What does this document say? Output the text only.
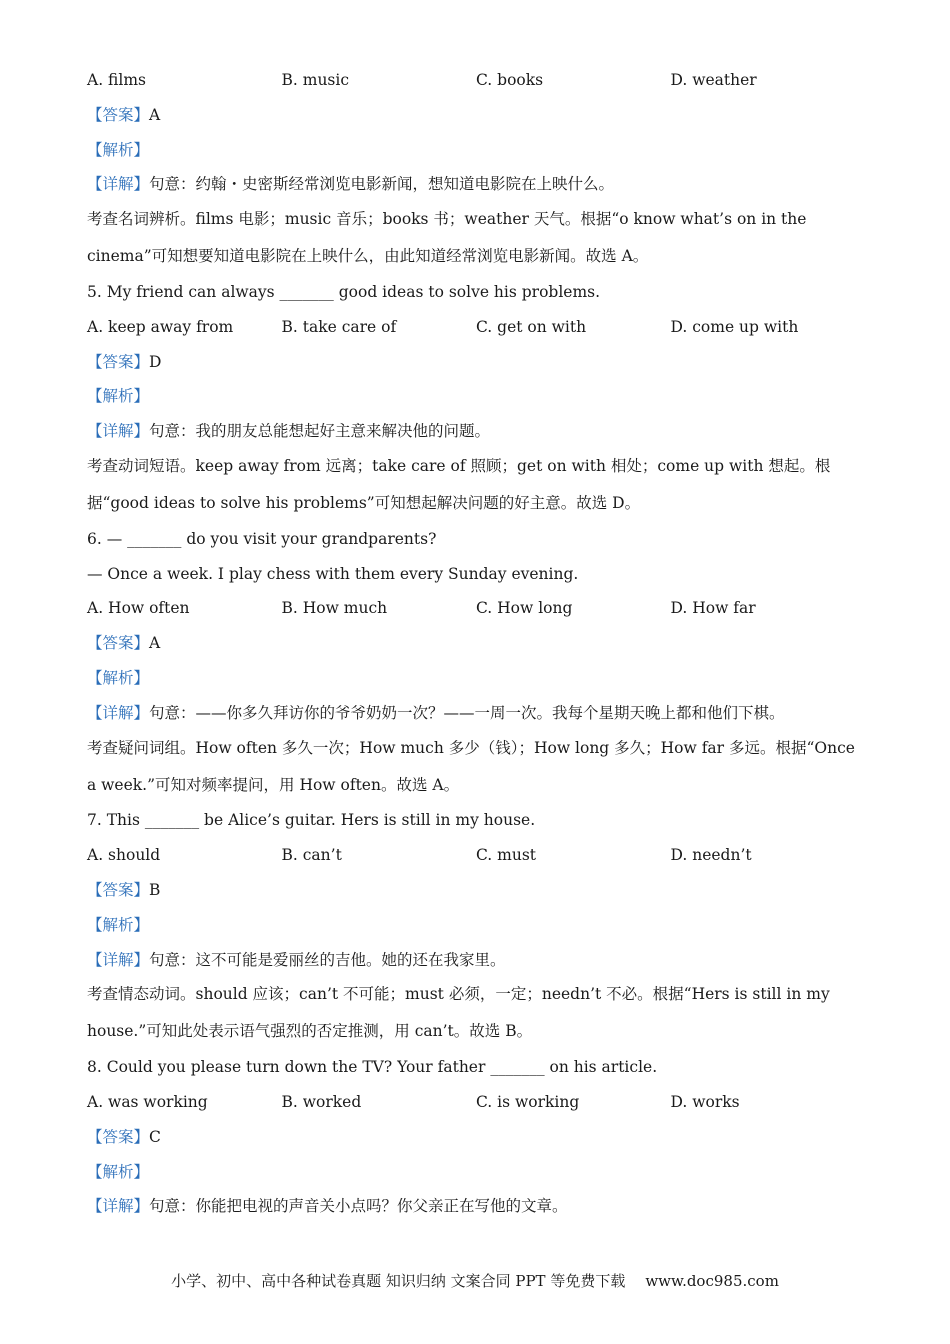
A. films	B. music	C. books	D. weather
【答案】A
【解析】
【详解】句意：约翰・史密斯经常浏览电影新闻，想知道电影院在上映什么。
考查名词辨析。films 电影；music 音乐；books 书；weather 天气。根据“o know what’s on in the cinema”可知想要知道电影院在上映什么，由此知道经常浏览电影新闻。故选 A。
5. My friend can always _______ good ideas to solve his problems.
A. keep away from	B. take care of	C. get on with	D. come up with
【答案】D
【解析】
【详解】句意：我的朋友总能想起好主意来解决他的问题。
考查动词短语。keep away from 远离；take care of 照顾；get on with 相处；come up with 想起。根据“good ideas to solve his problems”可知想起解决问题的好主意。故选 D。
6. — _______ do you visit your grandparents?
— Once a week. I play chess with them every Sunday evening.
A. How often	B. How much	C. How long	D. How far
【答案】A
【解析】
【详解】句意：——你多久拜访你的爷爷奶奶一次？——一周一次。我每个星期天晚上都和他们下棋。
考查疑问词组。How often 多久一次；How much 多少（钱）；How long 多久；How far 多远。根据“Once a week.”可知对频率提问，用 How often。故选 A。
7. This _______ be Alice’s guitar. Hers is still in my house.
A. should	B. can’t	C. must	D. needn’t
【答案】B
【解析】
【详解】句意：这不可能是爱丽丝的吉他。她的还在我家里。
考查情态动词。should 应该；can’t 不可能；must 必须，一定；needn’t 不必。根据“Hers is still in my house.”可知此处表示语气强烈的否定推测，用 can’t。故选 B。
8. Could you please turn down the TV? Your father _______ on his article.
A. was working	B. worked	C. is working	D. works
【答案】C
【解析】
【详解】句意：你能把电视的声音关小点吗？你父亲正在写他的文章。
小学、初中、高中各种试卷真题 知识归纳 文案合同 PPT 等免费下载 www.doc985.com
